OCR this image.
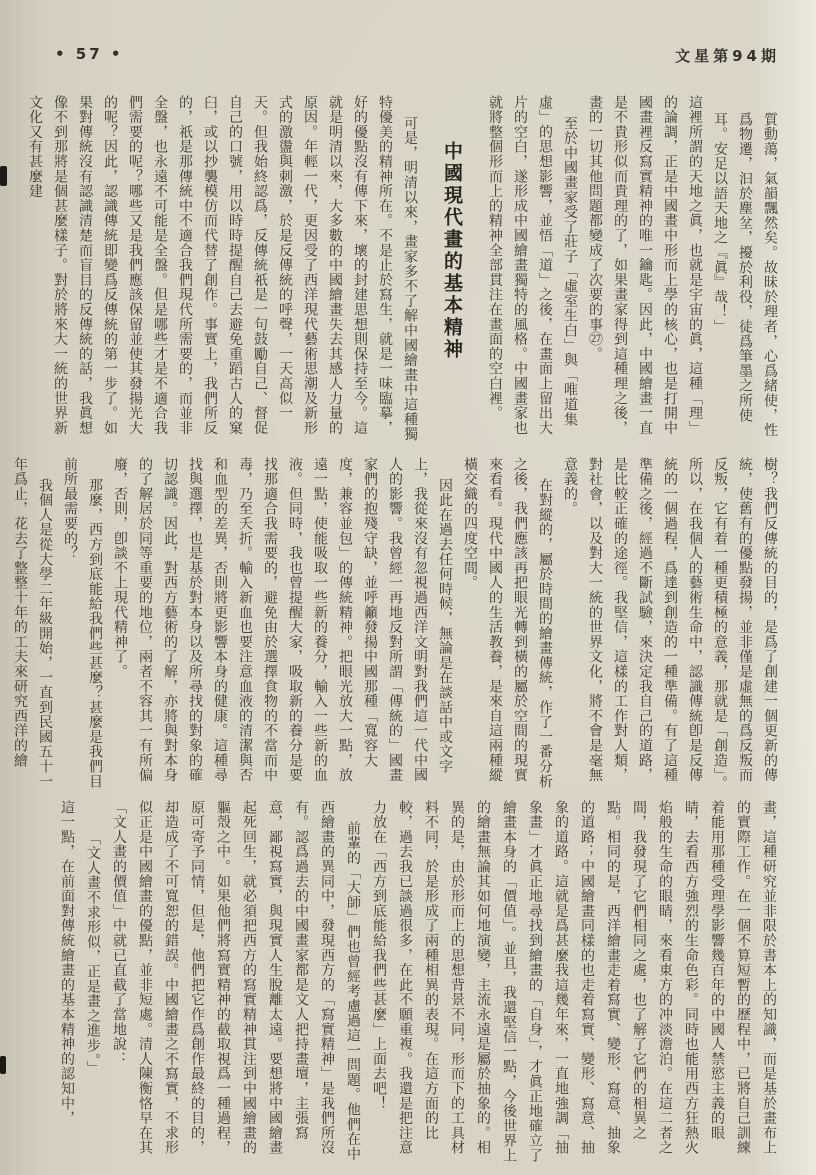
• 57 •	文星第94期

質動蕩，氣韻飄然矣。故昧於理者，心爲緒使，性爲物遷，汩於塵坌，擾於利役，徒爲筆墨之所使耳。安足以語天地之『眞』哉！」

這裡所謂的天地之眞，也就是宇宙的眞，這種「理」的論調，正是中國畫中形而上學的核心，也是打開中國畫裡反寫實精神的唯一鑰匙。因此，中國繪畫一直是不貴形似而貴理的了，如果畫家得到這種理之後，畫的一切其他問題都變成了次要的事㉗。

至於中國畫家受了莊子「虛室生白」與「唯道集虛」的思想影響，並悟「道」之後，在畫面上留出大片的空白，遂形成中國繪畫獨特的風格。中國畫家也就將整個形而上的精神全部貫注在畫面的空白裡。

中國現代畫的基本精神

可是，明清以來，畫家多不了解中國繪畫中這種獨特優美的精神所在。不是止於寫生，就是一味臨摹，好的優點沒有傳下來，壞的封建思想則保持至今。這就是明清以來，大多數的中國繪畫失去其感人力量的原因。年輕一代，更因受了西洋現代藝術思潮及新形式的激盪與刺激，於是反傳統的呼聲，一天高似一天。但我始終認爲，反傳統祇是一句鼓勵自己、督促自己的口號，用以時時提醒自己去避免重蹈古人的窠臼，或以抄襲模仿而代替了創作。事實上，我們所反的，祇是那傳統中不適合我們現代所需要的，而並非全盤，也永遠不可能是全盤。但是哪些才是不適合我們需要的呢？哪些又是我們應該保留並使其發揚光大的呢？因此，認識傳統即變爲反傳統的第一步了。如果對傳統沒有認識清楚而盲目的反傳統的話，我眞想像不到那將是個甚麼樣子。對於將來大一統的世界新文化又有甚麼建

樹？我們反傳統的目的，是爲了創建一個更新的傳統，使舊有的優點發揚，並非僅是虛無的爲反叛而反叛，它有着一種更積極的意義，那就是「創造」。所以，在我個人的藝術生命中，認識傳統卽是反傳統的一個過程，爲達到創造的一種準備。有了這種準備之後，經過不斷試驗，來決定我自己的道路，是比較正確的途徑。我堅信，這樣的工作對人類，對社會，以及對大一統的世界文化，將不會是毫無意義的。

在對縱的，屬於時間的繪畫傳統，作了一番分析之後，我們應該再把眼光轉到橫的屬於空間的現實來看看。現代中國人的生活教養，是來自這兩種縱橫交織的四度空間。

因此在過去任何時候，無論是在談話中或文字上，我從來沒有忽視過西洋文明對我們這一代中國人的影響。我曾經一再地反對所謂「傳統的」國畫家們的抱殘守缺，並呼籲發揚中國那種「寬容大度，兼容並包」的傳統精神。把眼光放大一點，放遠一點，使能吸取一些新的養分，輸入一些新的血液。但同時，我也曾提醒大家，吸取新的養分是要找那適合我需要的，避免由於選擇食物的不當而中毒，乃至夭折。輸入新血也要注意血液的清潔與否和血型的差異，否則將更影響本身的健康。這種尋找與選擇，也是基於對本身以及所尋找的對象的確切認識。因此，對西方藝術的了解，亦將與對本身的了解居於同等重要的地位，兩者不容其一有所偏廢，否則，卽談不上現代精神了。

那麼，西方到底能給我們些甚麼？甚麼是我們目前所最需要的？

我個人是從大學二年級開始，一直到民國五十一年爲止，花去了整整十年的工夫來研究西洋的繪

畫，這種研究並非限於書本上的知識，而是基於畫布上的實際工作。在一個不算短暫的歷程中，已將自己訓練着能用那種受理學影響幾百年的中國人禁慾主義的眼睛，去看西方強烈的生命色彩。同時也能用西方狂熱火焰般的生命的眼睛，來看東方的冲淡澹泊。在這二者之間，我發現了它們相同之處，也了解了它們的相異之點。相同的是，西洋繪畫走着寫實、變形、寫意、抽象的道路；中國繪畫同樣的也走着寫實、變形、寫意、抽象的道路。這就是爲甚麼我這幾年來，一直地強調「抽象畫」才眞正地尋找到繪畫的「自身」，才眞正地確立了繪畫本身的「價值」。並且，我還堅信一點，今後世界上的繪畫無論其如何地演變，主流永遠是屬於抽象的。相異的是，由於形而上的思想背景不同，形而下的工具材料不同，於是形成了兩種相異的表現。在這方面的比較，過去我已談過很多，在此不願重複。我還是把注意力放在「西方到底能給我們些甚麼」上面去吧！

前輩的「大師」們也曾經考慮過這一問題。他們在中西繪畫的異同中，發現西方的「寫實精神」是我們所沒有。認爲過去的中國畫家都是文人把持畫壇，主張寫意，鄙視寫實，與現實人生脫離太遠。要想將中國繪畫起死回生，就必須把西方的寫實精神貫注到中國繪畫的軀殼之中。如果他們將寫實精神的截取視爲一種過程，原可寄予同情，但是，他們把它作爲創作最終的目的，却造成了不可寬恕的錯誤。中國繪畫之不寫實，不求形似正是中國繪畫的優點，並非短處。清人陳衡恪早在其「文人畫的價值」中就已直截了當地說：

「文人畫不求形似，正是畫之進步。」

這一點，在前面對傳統繪畫的基本精神的認知中，
